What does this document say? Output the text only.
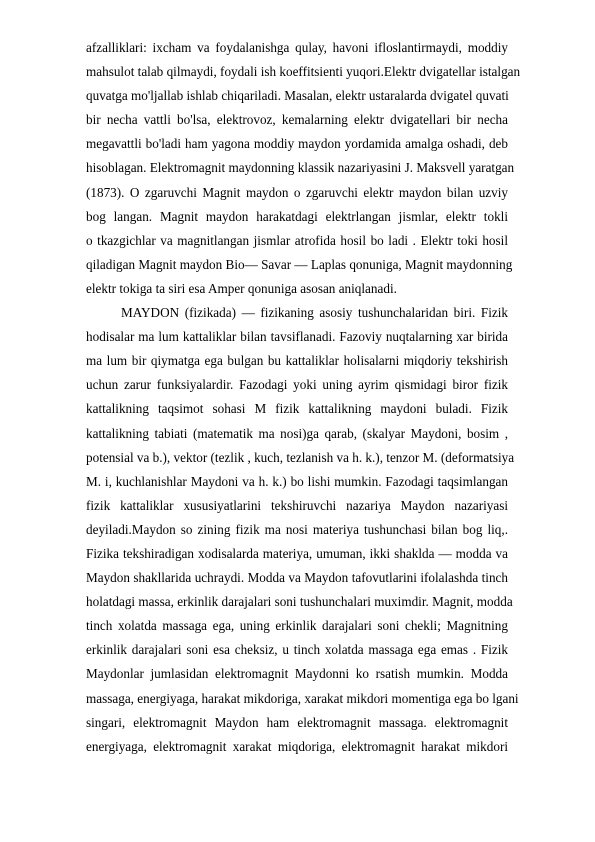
afzalliklari: ixcham va foydalanishga qulay, havoni ifloslantirmaydi, moddiy
mahsulot talab qilmaydi, foydali ish koeffitsienti yuqori.Elektr dvigatellar istalgan
quvatga mo'ljallab ishlab chiqariladi. Masalan, elektr ustaralarda dvigatel quvati
bir necha vattli bo'lsa, elektrovoz, kemalarning elektr dvigatellari bir necha
megavattli bo'ladi ham yagona moddiy maydon yordamida amalga oshadi, deb
hisoblagan. Elektromagnit maydonning klassik nazariyasini J. Maksvell yaratgan
(1873). O zgaruvchi Magnit maydon o zgaruvchi elektr maydon bilan uzviy
bog langan. Magnit maydon harakatdagi elektrlangan jismlar, elektr tokli
o tkazgichlar va magnitlangan jismlar atrofida hosil bo ladi . Elektr toki hosil
qiladigan Magnit maydon Bio— Savar — Laplas qonuniga, Magnit maydonning
elektr tokiga ta siri esa Amper qonuniga asosan aniqlanadi.
MAYDON (fizikada) — fizikaning asosiy tushunchalaridan biri. Fizik
hodisalar ma lum kattaliklar bilan tavsiflanadi. Fazoviy nuqtalarning xar birida
ma lum bir qiymatga ega bulgan bu kattaliklar holisalarni miqdoriy tekshirish
uchun zarur funksiyalardir. Fazodagi yoki uning ayrim qismidagi biror fizik
kattalikning taqsimot sohasi M fizik kattalikning maydoni buladi. Fizik
kattalikning tabiati (matematik ma nosi)ga qarab, (skalyar Maydoni, bosim ,
potensial va b.), vektor (tezlik , kuch, tezlanish va h. k.), tenzor M. (deformatsiya
M. i, kuchlanishlar Maydoni va h. k.) bo lishi mumkin. Fazodagi taqsimlangan
fizik kattaliklar xususiyatlarini tekshiruvchi nazariya Maydon nazariyasi
deyiladi.Maydon so zining fizik ma nosi materiya tushunchasi bilan bog liq,.
Fizika tekshiradigan xodisalarda materiya, umuman, ikki shaklda — modda va
Maydon shakllarida uchraydi. Modda va Maydon tafovutlarini ifolalashda tinch
holatdagi massa, erkinlik darajalari soni tushunchalari muximdir. Magnit, modda
tinch xolatda massaga ega, uning erkinlik darajalari soni chekli; Magnitning
erkinlik darajalari soni esa cheksiz, u tinch xolatda massaga ega emas . Fizik
Maydonlar jumlasidan elektromagnit Maydonni ko rsatish mumkin. Modda
massaga, energiyaga, harakat mikdoriga, xarakat mikdori momentiga ega bo lgani
singari, elektromagnit Maydon ham elektromagnit massaga. elektromagnit
energiyaga, elektromagnit xarakat miqdoriga, elektromagnit harakat mikdori
